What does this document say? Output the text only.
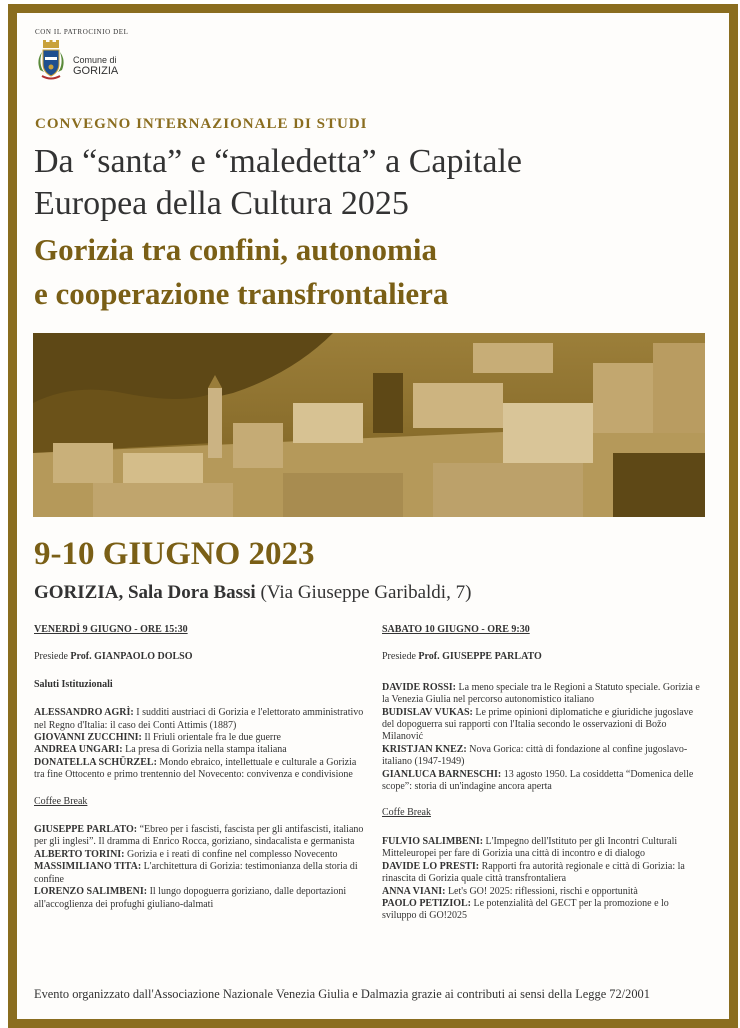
CON IL PATROCINIO DEL
Comune di
GORIZIA
CONVEGNO INTERNAZIONALE DI STUDI
Da “santa” e “maledetta” a Capitale
Europea della Cultura 2025
Gorizia tra confini, autonomia
e cooperazione transfrontaliera
9-10 GIUGNO 2023
GORIZIA, Sala Dora Bassi (Via Giuseppe Garibaldi, 7)
VENERDÌ 9 GIUGNO - ORE 15:30
Presiede Prof. GIANPAOLO DOLSO
Saluti Istituzionali

ALESSANDRO AGRÌ: I sudditi austriaci di Gorizia e l'elettorato amministrativo nel Regno d'Italia: il caso dei Conti Attimis (1887)

GIOVANNI ZUCCHINI: Il Friuli orientale fra le due guerre

ANDREA UNGARI: La presa di Gorizia nella stampa italiana

DONATELLA SCHÜRZEL: Mondo ebraico, intellettuale e culturale a Gorizia tra fine Ottocento e primo trentennio del Novecento: convivenza e condivisione

Coffee Break

GIUSEPPE PARLATO: “Ebreo per i fascisti, fascista per gli antifascisti, italiano per gli inglesi”. Il dramma di Enrico Rocca, goriziano, sindacalista e germanista

ALBERTO TORINI: Gorizia e i reati di confine nel complesso Novecento

MASSIMILIANO TITA: L'architettura di Gorizia: testimonianza della storia di confine

LORENZO SALIMBENI: Il lungo dopoguerra goriziano, dalle deportazioni all'accoglienza dei profughi giuliano-dalmati

SABATO 10 GIUGNO - ORE 9:30
Presiede Prof. GIUSEPPE PARLATO

DAVIDE ROSSI: La meno speciale tra le Regioni a Statuto speciale. Gorizia e la Venezia Giulia nel percorso autonomistico italiano

BUDISLAV VUKAS: Le prime opinioni diplomatiche e giuridiche jugoslave del dopoguerra sui rapporti con l'Italia secondo le osservazioni di Božo Milanović

KRISTJAN KNEZ: Nova Gorica: città di fondazione al confine jugoslavo-italiano (1947-1949)

GIANLUCA BARNESCHI: 13 agosto 1950. La cosiddetta “Domenica delle scope”: storia di un'indagine ancora aperta

Coffe Break

FULVIO SALIMBENI: L'Impegno dell'Istituto per gli Incontri Culturali Mitteleuropei per fare di Gorizia una città di incontro e di dialogo

DAVIDE LO PRESTI: Rapporti fra autorità regionale e città di Gorizia: la rinascita di Gorizia quale città transfrontaliera

ANNA VIANI: Let's GO! 2025: riflessioni, rischi e opportunità

PAOLO PETIZIOL: Le potenzialità del GECT per la promozione e lo sviluppo di GO!2025

Evento organizzato dall'Associazione Nazionale Venezia Giulia e Dalmazia grazie ai contributi ai sensi della Legge 72/2001
